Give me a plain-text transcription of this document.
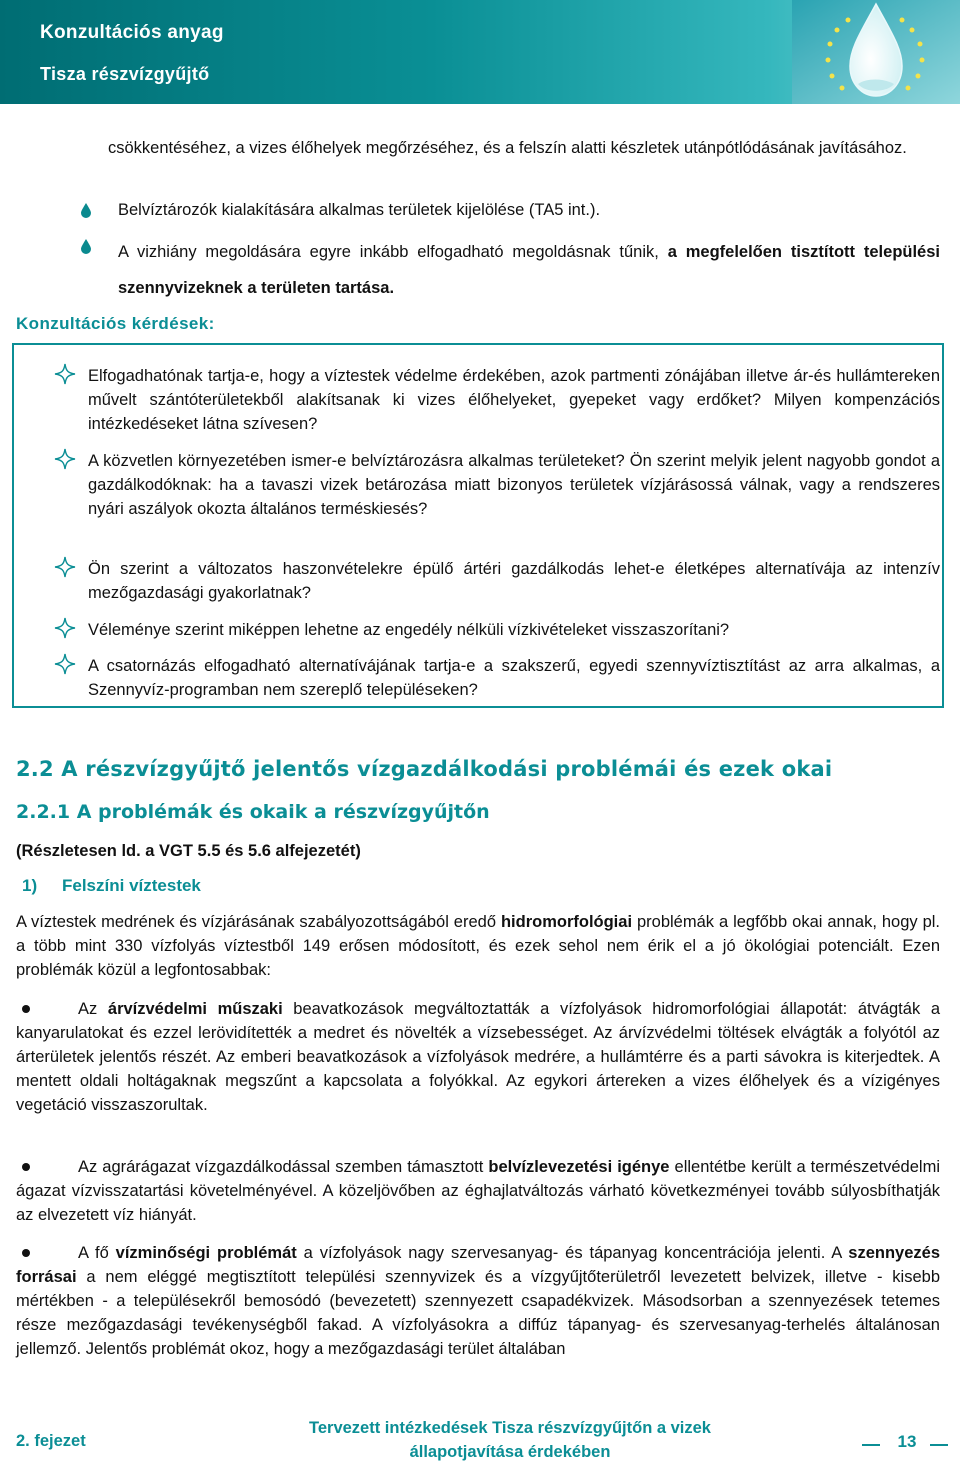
Konzultációs anyag
Tisza részvízgyűjtő
csökkentéséhez, a vizes élőhelyek megőrzéséhez, és a felszín alatti készletek utánpótlódásának javításához.
Belvíztározók kialakítására alkalmas területek kijelölése (TA5 int.).
A vizhiány megoldására egyre inkább elfogadható megoldásnak tűnik, a megfelelően tisztított települési szennyvizeknek a területen tartása.
Konzultációs kérdések:
Elfogadhatónak tartja-e, hogy a víztestek védelme érdekében, azok partmenti zónájában illetve ár-és hullámtereken művelt szántóterületekből alakítsanak ki vizes élőhelyeket, gyepeket vagy erdőket? Milyen kompenzációs intézkedéseket látna szívesen?
A közvetlen környezetében ismer-e belvíztározásra alkalmas területeket? Ön szerint melyik jelent nagyobb gondot a gazdálkodóknak: ha a tavaszi vizek betározása miatt bizonyos területek vízjárásossá válnak, vagy a rendszeres nyári aszályok okozta általános terméskiesés?
Ön szerint a változatos haszonvételekre épülő ártéri gazdálkodás lehet-e életképes alternatívája az intenzív mezőgazdasági gyakorlatnak?
Véleménye szerint miképpen lehetne az engedély nélküli vízkivételeket visszaszorítani?
A csatornázás elfogadható alternatívájának tartja-e a szakszerű, egyedi szennyvíztisztítást az arra alkalmas, a Szennyvíz-programban nem szereplő településeken?
2.2 A részvízgyűjtő jelentős vízgazdálkodási problémái és ezek okai
2.2.1 A problémák és okaik a részvízgyűjtőn
(Részletesen ld. a VGT 5.5 és 5.6 alfejezetét)
1) Felszíni víztestek
A víztestek medrének és vízjárásának szabályozottságából eredő hidromorfológiai problémák a legfőbb okai annak, hogy pl. a több mint 330 vízfolyás víztestből 149 erősen módosított, és ezek sehol nem érik el a jó ökológiai potenciált. Ezen problémák közül a legfontosabbak:
Az árvízvédelmi műszaki beavatkozások megváltoztatták a vízfolyások hidromorfológiai állapotát: átvágták a kanyarulatokat és ezzel lerövidítették a medret és növelték a vízsebességet. Az árvízvédelmi töltések elvágták a folyótól az árterületek jelentős részét. Az emberi beavatkozások a vízfolyások medrére, a hullámtérre és a parti sávokra is kiterjedtek. A mentett oldali holtágaknak megszűnt a kapcsolata a folyókkal. Az egykori ártereken a vizes élőhelyek és a vízigényes vegetáció visszaszorultak.
Az agrárágazat vízgazdálkodással szemben támasztott belvízlevezetési igénye ellentétbe került a természetvédelmi ágazat vízvisszatartási követelményével. A közeljövőben az éghajlatváltozás várható következményei tovább súlyosbíthatják az elvezetett víz hiányát.
A fő vízminőségi problémát a vízfolyások nagy szervesanyag- és tápanyag koncentrációja jelenti. A szennyezés forrásai a nem eléggé megtisztított települési szennyvizek és a vízgyűjtőterületről levezetett belvizek, illetve - kisebb mértékben - a településekről bemosódó (bevezetett) szennyezett csapadékvizek. Másodsorban a szennyezések tetemes része mezőgazdasági tevékenységből fakad. A vízfolyásokra a diffúz tápanyag- és szervesanyag-terhelés általánosan jellemző. Jelentős problémát okoz, hogy a mezőgazdasági terület általában
2. fejezet
Tervezett intézkedések Tisza részvízgyűjtőn a vizek
állapotjavítása érdekében
13
